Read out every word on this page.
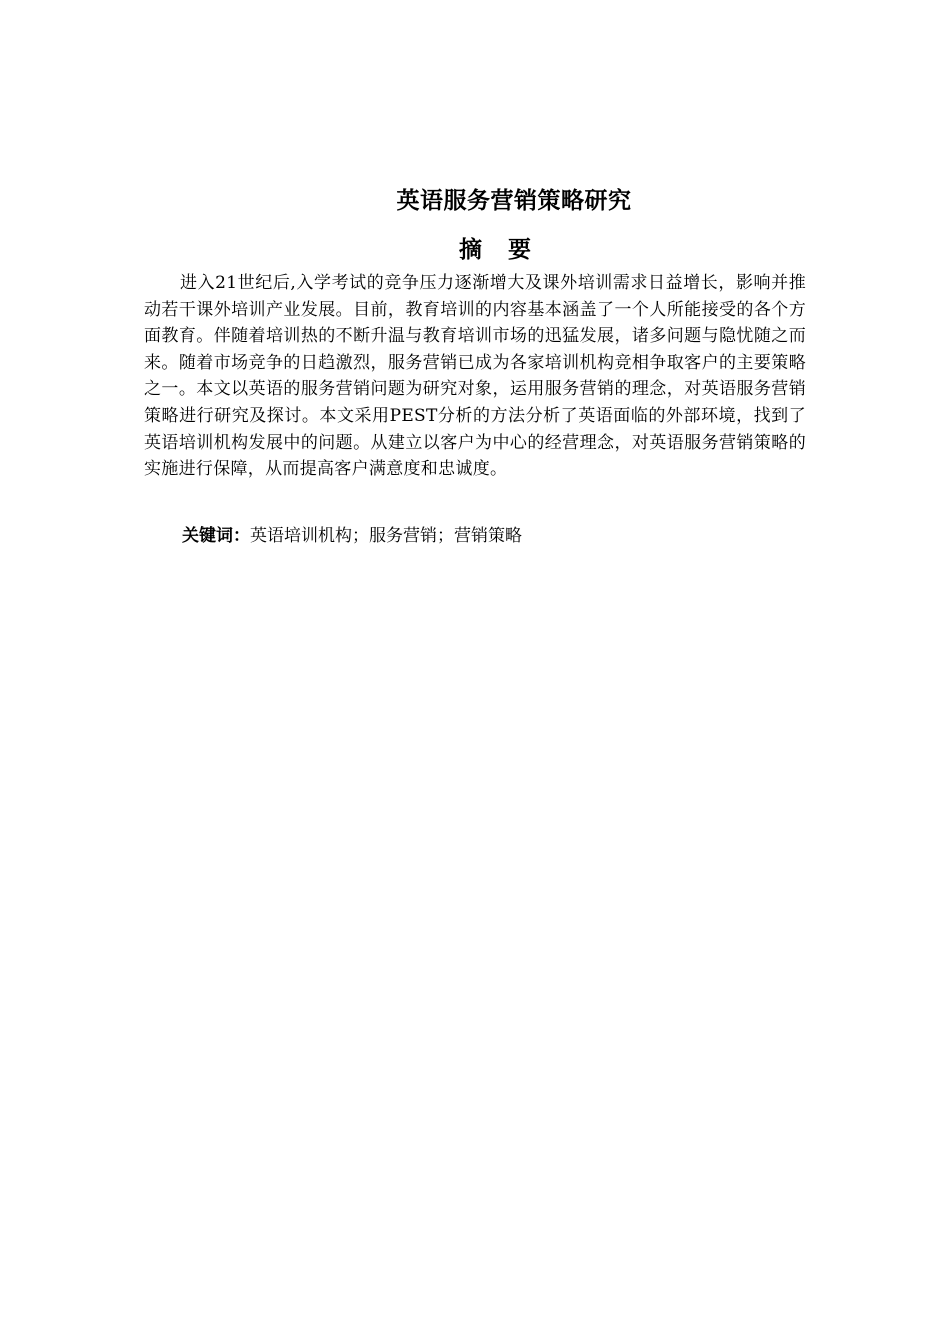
英语服务营销策略研究
摘 要

进入21世纪后,入学考试的竞争压力逐渐增大及课外培训需求日益增长，影响并推动若干课外培训产业发展。目前，教育培训的内容基本涵盖了一个人所能接受的各个方面教育。伴随着培训热的不断升温与教育培训市场的迅猛发展，诸多问题与隐忧随之而来。随着市场竞争的日趋激烈，服务营销已成为各家培训机构竞相争取客户的主要策略之一。本文以英语的服务营销问题为研究对象，运用服务营销的理念，对英语服务营销策略进行研究及探讨。本文采用PEST分析的方法分析了英语面临的外部环境，找到了英语培训机构发展中的问题。从建立以客户为中心的经营理念，对英语服务营销策略的实施进行保障，从而提高客户满意度和忠诚度。

关键词：英语培训机构；服务营销；营销策略
